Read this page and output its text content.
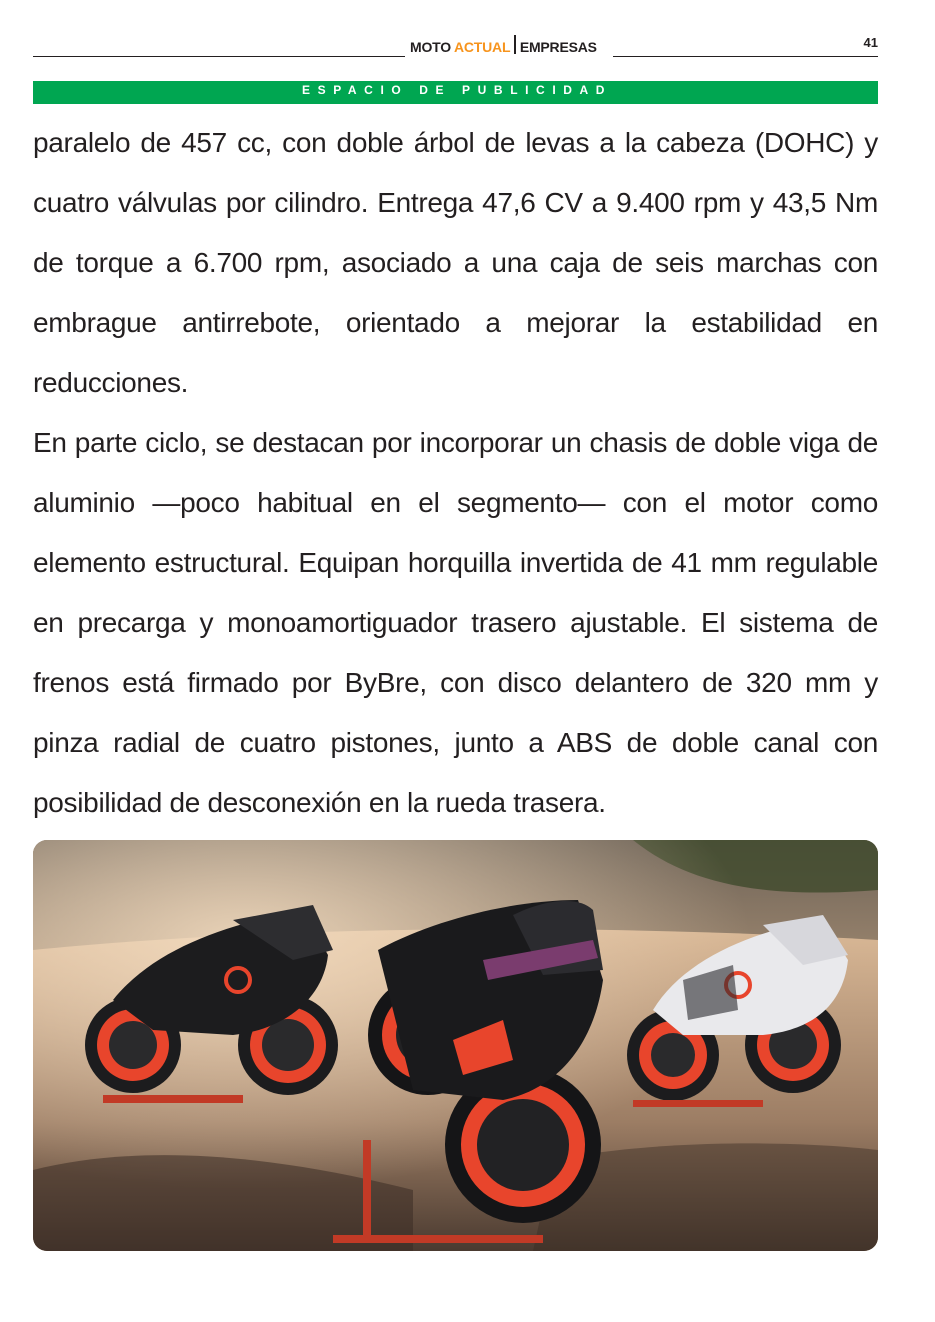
MOTO ACTUAL EMPRESAS	41
ESPACIO DE PUBLICIDAD

paralelo de 457 cc, con doble árbol de levas a la cabeza (DOHC) y cuatro válvulas por cilindro. Entrega 47,6 CV a 9.400 rpm y 43,5 Nm de torque a 6.700 rpm, asociado a una caja de seis marchas con embrague antirrebote, orientado a mejorar la estabilidad en reducciones.

En parte ciclo, se destacan por incorporar un chasis de doble viga de aluminio —poco habitual en el segmento— con el motor como elemento estructural. Equipan horquilla invertida de 41 mm regulable en precarga y monoamortiguador trasero ajustable. El sistema de frenos está firmado por ByBre, con disco delantero de 320 mm y pinza radial de cuatro pistones, junto a ABS de doble canal con posibilidad de desconexión en la rueda trasera.
